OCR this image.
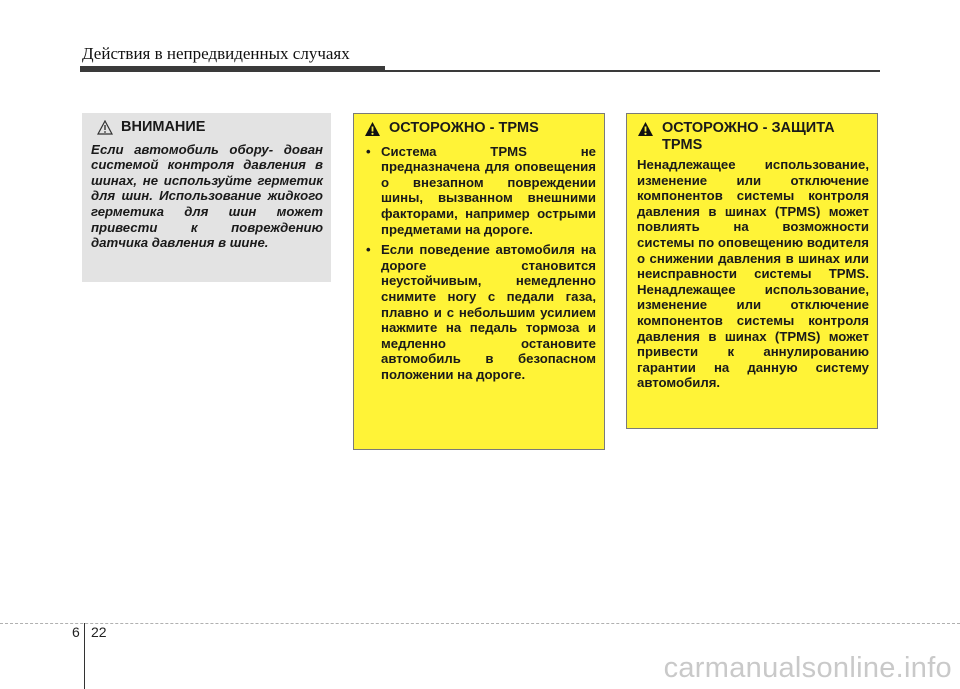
Действия в непредвиденных случаях
ВНИМАНИЕ

Если автомобиль обору- дован системой контроля давления в шинах, не используйте герметик для шин. Использование жидкого герметика для шин может привести к повреждению датчика давления в шине.

ОСТОРОЖНО - TPMS
• Система TPMS не предназначена для оповещения о внезапном повреждении шины, вызванном внешними факторами, например острыми предметами на дороге.
• Если поведение автомобиля на дороге становится неустойчивым, немедленно снимите ногу с педали газа, плавно и с небольшим усилием нажмите на педаль тормоза и медленно остановите автомобиль в безопасном положении на дороге.
ОСТОРОЖНО - ЗАЩИТА TPMS

Ненадлежащее использование, изменение или отключение компонентов системы контроля давления в шинах (TPMS) может повлиять на возможности системы по оповещению водителя о снижении давления в шинах или неисправности системы TPMS. Ненадлежащее использование, изменение или отключение компонентов системы контроля давления в шинах (TPMS) может привести к аннулированию гарантии на данную систему автомобиля.

6 22
carmanualsonline.info
